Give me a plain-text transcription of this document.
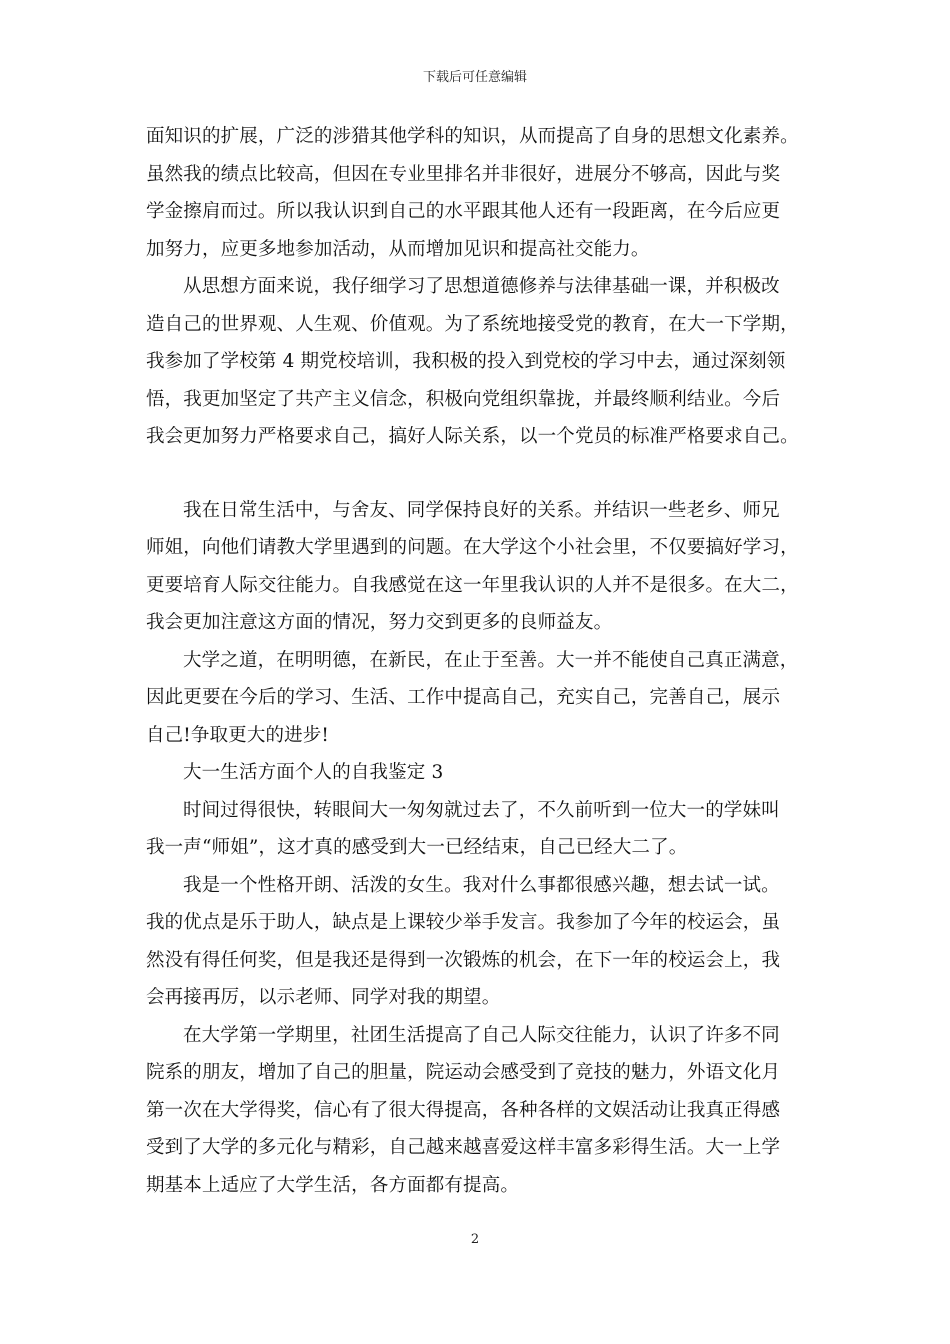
下载后可任意编辑
面知识的扩展，广泛的涉猎其他学科的知识，从而提高了自身的思想文化素养。
虽然我的绩点比较高，但因在专业里排名并非很好，进展分不够高，因此与奖
学金擦肩而过。所以我认识到自己的水平跟其他人还有一段距离，在今后应更
加努力，应更多地参加活动，从而增加见识和提高社交能力。
从思想方面来说，我仔细学习了思想道德修养与法律基础一课，并积极改
造自己的世界观、人生观、价值观。为了系统地接受党的教育，在大一下学期，
我参加了学校第 4 期党校培训，我积极的投入到党校的学习中去，通过深刻领
悟，我更加坚定了共产主义信念，积极向党组织靠拢，并最终顺利结业。今后
我会更加努力严格要求自己，搞好人际关系，以一个党员的标准严格要求自己。
我在日常生活中，与舍友、同学保持良好的关系。并结识一些老乡、师兄
师姐，向他们请教大学里遇到的问题。在大学这个小社会里，不仅要搞好学习，
更要培育人际交往能力。自我感觉在这一年里我认识的人并不是很多。在大二，
我会更加注意这方面的情况，努力交到更多的良师益友。
大学之道，在明明德，在新民，在止于至善。大一并不能使自己真正满意，
因此更要在今后的学习、生活、工作中提高自己，充实自己，完善自己，展示
自己!争取更大的进步!
大一生活方面个人的自我鉴定 3
时间过得很快，转眼间大一匆匆就过去了，不久前听到一位大一的学妹叫
我一声“师姐”，这才真的感受到大一已经结束，自己已经大二了。
我是一个性格开朗、活泼的女生。我对什么事都很感兴趣，想去试一试。
我的优点是乐于助人，缺点是上课较少举手发言。我参加了今年的校运会，虽
然没有得任何奖，但是我还是得到一次锻炼的机会，在下一年的校运会上，我
会再接再厉，以示老师、同学对我的期望。
在大学第一学期里，社团生活提高了自己人际交往能力，认识了许多不同
院系的朋友，增加了自己的胆量，院运动会感受到了竞技的魅力，外语文化月
第一次在大学得奖，信心有了很大得提高，各种各样的文娱活动让我真正得感
受到了大学的多元化与精彩，自己越来越喜爱这样丰富多彩得生活。大一上学
期基本上适应了大学生活，各方面都有提高。
2
